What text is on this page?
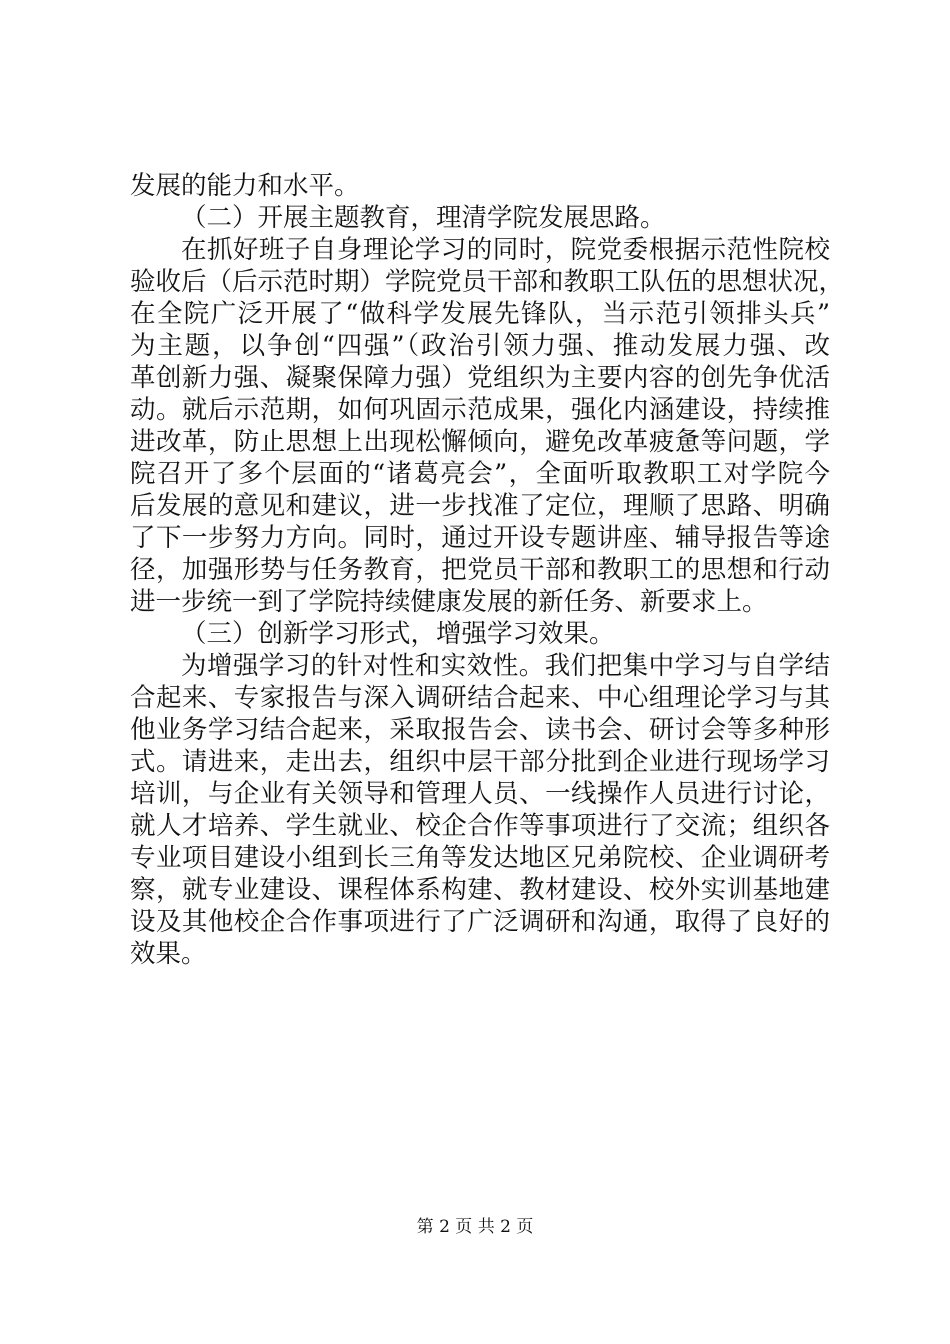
发展的能力和水平。
（二）开展主题教育，理清学院发展思路。
在抓好班子自身理论学习的同时，院党委根据示范性院校
验收后（后示范时期）学院党员干部和教职工队伍的思想状况，
在全院广泛开展了“做科学发展先锋队，当示范引领排头兵”
为主题，以争创“四强”（政治引领力强、推动发展力强、改
革创新力强、凝聚保障力强）党组织为主要内容的创先争优活
动。就后示范期，如何巩固示范成果，强化内涵建设，持续推
进改革，防止思想上出现松懈倾向，避免改革疲惫等问题，学
院召开了多个层面的“诸葛亮会”，全面听取教职工对学院今
后发展的意见和建议，进一步找准了定位，理顺了思路、明确
了下一步努力方向。同时，通过开设专题讲座、辅导报告等途
径，加强形势与任务教育，把党员干部和教职工的思想和行动
进一步统一到了学院持续健康发展的新任务、新要求上。
（三）创新学习形式，增强学习效果。
为增强学习的针对性和实效性。我们把集中学习与自学结
合起来、专家报告与深入调研结合起来、中心组理论学习与其
他业务学习结合起来，采取报告会、读书会、研讨会等多种形
式。请进来，走出去，组织中层干部分批到企业进行现场学习
培训，与企业有关领导和管理人员、一线操作人员进行讨论，
就人才培养、学生就业、校企合作等事项进行了交流；组织各
专业项目建设小组到长三角等发达地区兄弟院校、企业调研考
察，就专业建设、课程体系构建、教材建设、校外实训基地建
设及其他校企合作事项进行了广泛调研和沟通，取得了良好的
效果。
第 2 页 共 2 页
